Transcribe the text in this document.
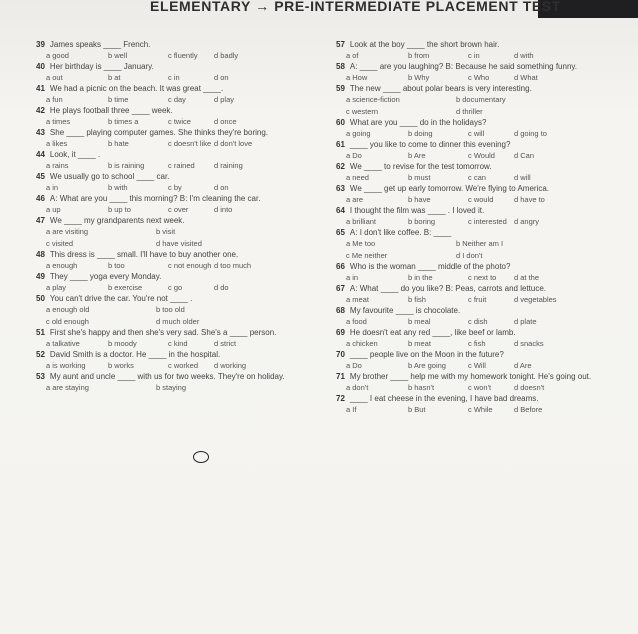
ELEMENTARY → PRE-INTERMEDIATE PLACEMENT TEST
39 James speaks ____ French.
a good	b well	c fluently d badly
40 Her birthday is ____ January.
a out	b at	c in	d on
41 We had a picnic on the beach. It was great ____.
a fun	b time	c day	d play
42 He plays football three ____ week.
a times	b times a	c twice	d once
43 She ____ playing computer games. She thinks they're boring.
a likes	b hate	c doesn't like d don't love
44 Look, it ____ .
a rains	b is raining	c rained	d raining
45 We usually go to school ____ car.
a in	b with	c by	d on
46 A: What are you ____ this morning? B: I'm cleaning the car.
a up	b up to	c over	d into
47 We ____ my grandparents next week.
a are visiting	b visit
c visited	d have visited
48 This dress is ____ small. I'll have to buy another one.
a enough	b too	c not enough d too much
49 They ____ yoga every Monday.
a play	b exercise	c go	d do
50 You can't drive the car. You're not ____ .
a enough old	b too old
c old enough	d much older
51 First she's happy and then she's very sad. She's a ____ person.
a talkative	b moody	c kind	d strict
52 David Smith is a doctor. He ____ in the hospital.
a is working	b works	c worked d working
53 My aunt and uncle ____ with us for two weeks. They're on holiday.
a are staying	b staying
57 Look at the boy ____ the short brown hair.
a of	b from	c in	d with
58 A: ____ are you laughing? B: Because he said something funny.
a How	b Why	c Who	d What
59 The new ____ about polar bears is very interesting.
a science-fiction	b documentary
c western	d thriller
60 What are you ____ do in the holidays?
a going	b doing	c will	d going to
61 ____ you like to come to dinner this evening?
a Do	b Are	c Would	d Can
62 We ____ to revise for the test tomorrow.
a need	b must	c can	d will
63 We ____ get up early tomorrow. We're flying to America.
a are	b have	c would	d have to
64 I thought the film was ____ . I loved it.
a brilliant	b boring	c interested d angry
65 A: I don't like coffee. B: ____
a Me too	b Neither am I
c Me neither	d I don't
66 Who is the woman ____ middle of the photo?
a in	b in the	c next to d at the
67 A: What ____ do you like? B: Peas, carrots and lettuce.
a meat	b fish	c fruit	d vegetables
68 My favourite ____ is chocolate.
a food	b meal	c dish	d plate
69 He doesn't eat any red ____, like beef or lamb.
a chicken	b meat	c fish	d snacks
70 ____ people live on the Moon in the future?
a Do	b Are going	c Will	d Are
71 My brother ____ help me with my homework tonight. He's going out.
a don't	b hasn't	c won't	d doesn't
72 ____ I eat cheese in the evening, I have bad dreams.
a If	b But	c While	d Before
